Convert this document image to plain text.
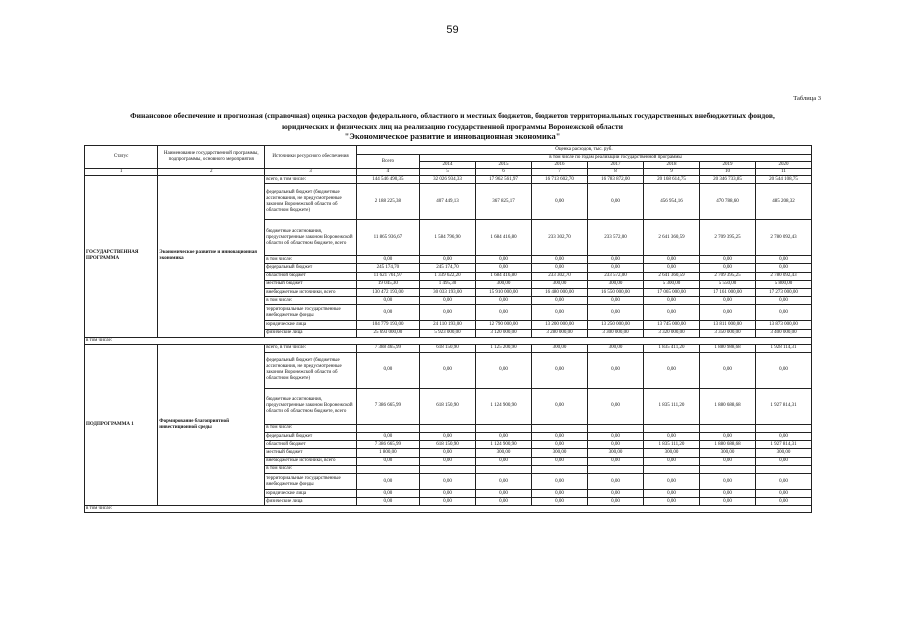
59
Таблица 3
Финансовое обеспечение и прогнозная (справочная) оценка расходов федерального, областного и местных бюджетов, бюджетов территориальных государственных внебюджетных фондов,
юридических и физических лиц на реализацию государственной программы Воронежской области
"Экономическое развитие и инновационная экономика"
Статус	Наименование государственной программы, подпрограммы, основного мероприятия	Источники ресурсного обеспечения	Оценка расходов, тыс. руб.							
			Всего	в том числе по годам реализации государственной программы						
				2014	2015	2016	2017	2018	2019	2020
1	2	3	4	5	6	7	8	9	10	11
ГОСУДАРСТВЕННАЯ ПРОГРАММА	Экономическое развитие и инновационная экономика	всего, в том числе:	144 546 490,35	32 026 934,33	17 962 561,97	16 713 602,70	16 783 872,00	20 168 614,75	20 346 733,85	20 544 108,75
		федеральный бюджет (бюджетные ассигнования, не предусмотренные законом Воронежской области об областном бюджете)	2 188 225,38	407 449,13	367 825,17	0,00	0,00	456 954,16	470 788,60	485 208,32
		бюджетные ассигнования, предусмотренные законом Воронежской области об областном бюджете, всего	11 865 936,67	1 584 796,90	1 684 416,80	233 302,70	233 572,00	2 641 360,59	2 709 395,25	2 780 092,43
		в том числе:	0,00	0,00	0,00	0,00	0,00	0,00	0,00	0,00
		федеральный бюджет	245 174,70	245 174,70	0,00	0,00	0,00	0,00	0,00	0,00
		областной бюджет	11 621 761,97	1 339 622,20	1 684 416,80	233 302,70	233 572,00	2 641 360,59	2 709 395,25	2 780 092,43
		местный бюджет	19 045,30	1 495,30	300,00	300,00	300,00	5 300,00	5 550,00	5 800,00
		внебюджетные источники, всего	130 472 193,00	30 033 193,00	15 910 000,00	16 480 000,00	16 550 000,00	17 065 000,00	17 161 000,00	17 273 000,00
		в том числе:	0,00	0,00	0,00	0,00	0,00	0,00	0,00	0,00
		территориальные государственные внебюджетные фонды	0,00	0,00	0,00	0,00	0,00	0,00	0,00	0,00
		юридические лица	104 779 193,00	24 110 193,00	12 790 000,00	13 200 000,00	13 250 000,00	13 745 000,00	13 811 000,00	13 873 000,00
		физические лица	25 693 000,00	5 923 000,00	3 120 000,00	3 280 000,00	3 300 000,00	3 320 000,00	3 350 000,00	3 400 000,00
в том числе:										
ПОДПРОГРАММА 1	Формирование благоприятной инвестиционной среды	всего, в том числе:	7 388 465,99	618 150,90	1 125 200,90	300,00	300,00	1 835 411,20	1 880 988,68	1 928 114,31
		федеральный бюджет (бюджетные ассигнования, не предусмотренные законом Воронежской области об областном бюджете)	0,00	0,00	0,00	0,00	0,00	0,00	0,00	0,00
		бюджетные ассигнования, предусмотренные законом Воронежской области об областном бюджете, всего	7 386 665,99	618 150,90	1 124 900,90	0,00	0,00	1 835 111,20	1 880 688,68	1 927 814,31
		в том числе:								
		федеральный бюджет	0,00	0,00	0,00	0,00	0,00	0,00	0,00	0,00
		областной бюджет	7 386 665,99	618 150,90	1 124 900,90	0,00	0,00	1 835 111,20	1 880 688,68	1 927 814,31
		местный бюджет	1 800,00	0,00	300,00	300,00	300,00	300,00	300,00	300,00
		внебюджетные источники, всего	0,00	0,00	0,00	0,00	0,00	0,00	0,00	0,00
		в том числе:								
		территориальные государственные внебюджетные фонды	0,00	0,00	0,00	0,00	0,00	0,00	0,00	0,00
		юридические лица	0,00	0,00	0,00	0,00	0,00	0,00	0,00	0,00
		физические лица	0,00	0,00	0,00	0,00	0,00	0,00	0,00	0,00
в том числе:										
